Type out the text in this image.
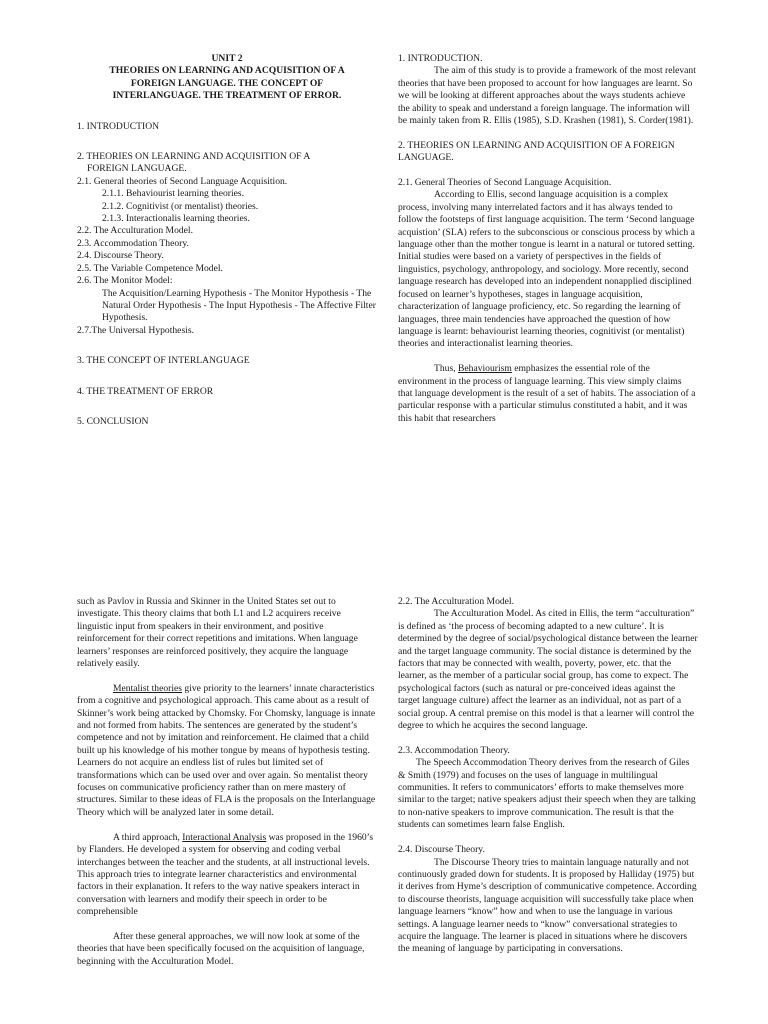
UNIT 2

THEORIES ON LEARNING AND ACQUISITION OF A

FOREIGN LANGUAGE. THE CONCEPT OF

INTERLANGUAGE. THE TREATMENT OF ERROR.

1. INTRODUCTION
2. THEORIES ON LEARNING AND ACQUISITION OF A
FOREIGN LANGUAGE.
2.1. General theories of Second Language Acquisition.
2.1.1. Behaviourist learning theories.
2.1.2. Cognitivist (or mentalist) theories.
2.1.3. Interactionalis learning theories.
2.2. The Acculturation Model.
2.3. Accommodation Theory.
2.4. Discourse Theory.
2.5. The Variable Competence Model.
2.6. The Monitor Model:
The Acquisition/Learning Hypothesis - The Monitor Hypothesis - The Natural Order Hypothesis - The Input Hypothesis - The Affective Filter Hypothesis.
2.7.The Universal Hypothesis.
3. THE CONCEPT OF INTERLANGUAGE
4. THE TREATMENT OF ERROR
5. CONCLUSION

1. INTRODUCTION.

The aim of this study is to provide a framework of the most relevant theories that have been proposed to account for how languages are learnt. So we will be looking at different approaches about the ways students achieve the ability to speak and understand a foreign language. The information will be mainly taken from R. Ellis (1985), S.D. Krashen (1981), S. Corder(1981).

2. THEORIES ON LEARNING AND ACQUISITION OF A FOREIGN LANGUAGE.

2.1. General Theories of Second Language Acquisition.

According to Ellis, second language acquisition is a complex process, involving many interrelated factors and it has always tended to follow the footsteps of first language acquisition. The term ‘Second language acquistion’ (SLA) refers to the subconscious or conscious process by which a language other than the mother tongue is learnt in a natural or tutored setting. Initial studies were based on a variety of perspectives in the fields of linguistics, psychology, anthropology, and sociology. More recently, second language research has developed into an independent nonapplied disciplined focused on learner’s hypotheses, stages in language acquisition, characterization of language proficiency, etc. So regarding the learning of languages, three main tendencies have approached the question of how language is learnt: behaviourist learning theories, cognitivist (or mentalist) theories and interactionalist learning theories.

Thus, Behaviourism emphasizes the essential role of the environment in the process of language learning. This view simply claims that language development is the result of a set of habits. The association of a particular response with a particular stimulus constituted a habit, and it was this habit that researchers

such as Pavlov in Russia and Skinner in the United States set out to investigate. This theory claims that both L1 and L2 acquirers receive linguistic input from speakers in their environment, and positive reinforcement for their correct repetitions and imitations. When language learners’ responses are reinforced positively, they acquire the language relatively easily.

Mentalist theories give priority to the learners’ innate characteristics from a cognitive and psychological approach. This came about as a result of Skinner’s work being attacked by Chomsky. For Chomsky, language is innate and not formed from habits. The sentences are generated by the student’s competence and not by imitation and reinforcement. He claimed that a child built up his knowledge of his mother tongue by means of hypothesis testing. Learners do not acquire an endless list of rules but limited set of transformations which can be used over and over again. So mentalist theory focuses on communicative proficiency rather than on mere mastery of structures. Similar to these ideas of FLA is the proposals on the Interlanguage Theory which will be analyzed later in some detail.

A third approach, Interactional Analysis was proposed in the 1960’s by Flanders. He developed a system for observing and coding verbal interchanges between the teacher and the students, at all instructional levels. This approach tries to integrate learner characteristics and environmental factors in their explanation. It refers to the way native speakers interact in conversation with learners and modify their speech in order to be comprehensible

After these general approaches, we will now look at some of the theories that have been specifically focused on the acquisition of language, beginning with the Acculturation Model.

2.2. The Acculturation Model.

The Acculturation Model. As cited in Ellis, the term “acculturation” is defined as ‘the process of becoming adapted to a new culture’. It is determined by the degree of social/psychological distance between the learner and the target language community. The social distance is determined by the factors that may be connected with wealth, poverty, power, etc. that the learner, as the member of a particular social group, has come to expect. The psychological factors (such as natural or pre-conceived ideas against the target language culture) affect the learner as an individual, not as part of a social group. A central premise on this model is that a learner will control the degree to which he acquires the second language.

2.3. Accommodation Theory.

The Speech Accommodation Theory derives from the research of Giles & Smith (1979) and focuses on the uses of language in multilingual communities. It refers to communicators’ efforts to make themselves more similar to the target; native speakers adjust their speech when they are talking to non-native speakers to improve communication. The result is that the students can sometimes learn false English.

2.4. Discourse Theory.

The Discourse Theory tries to maintain language naturally and not continuously graded down for students. It is proposed by Halliday (1975) but it derives from Hyme’s description of communicative competence. According to discourse theorists, language acquisition will successfully take place when language learners “know” how and when to use the language in various settings. A language learner needs to “know” conversational strategies to acquire the language. The learner is placed in situations where he discovers the meaning of language by participating in conversations.
